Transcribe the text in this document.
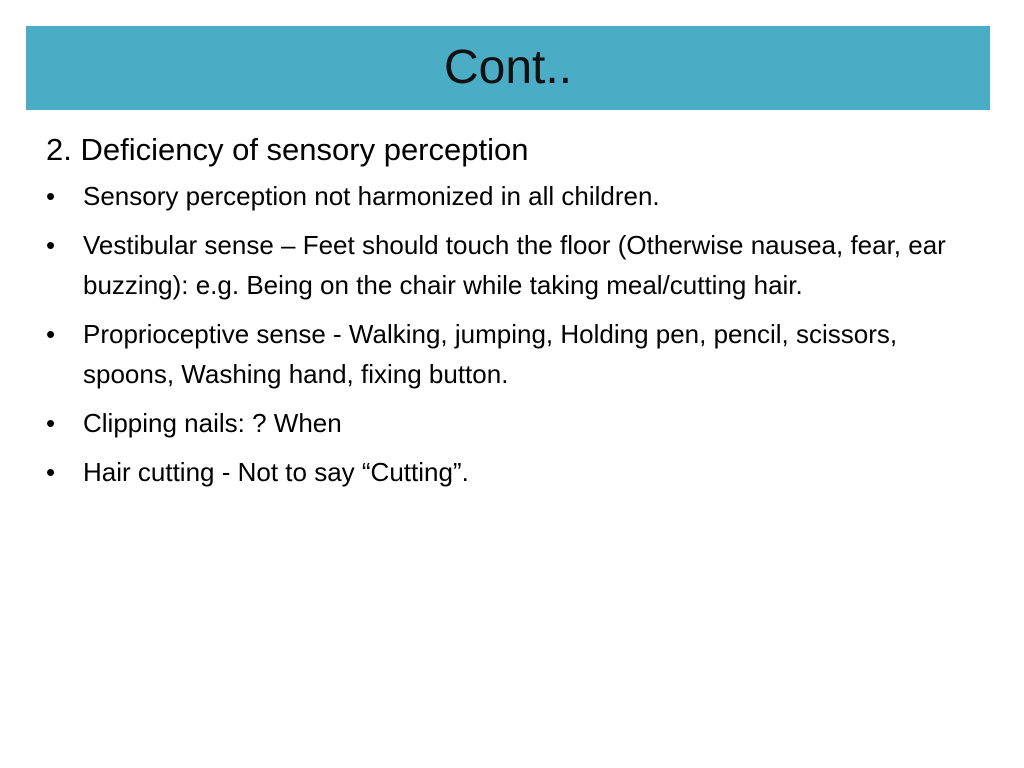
Cont..
2. Deficiency of sensory perception
• Sensory perception not harmonized in all children.
• Vestibular sense – Feet should touch the floor (Otherwise nausea, fear, ear buzzing): e.g. Being on the chair while taking meal/cutting hair.
• Proprioceptive sense - Walking, jumping, Holding pen, pencil, scissors, spoons, Washing hand, fixing button.
• Clipping nails: ? When
• Hair cutting - Not to say “Cutting”.
